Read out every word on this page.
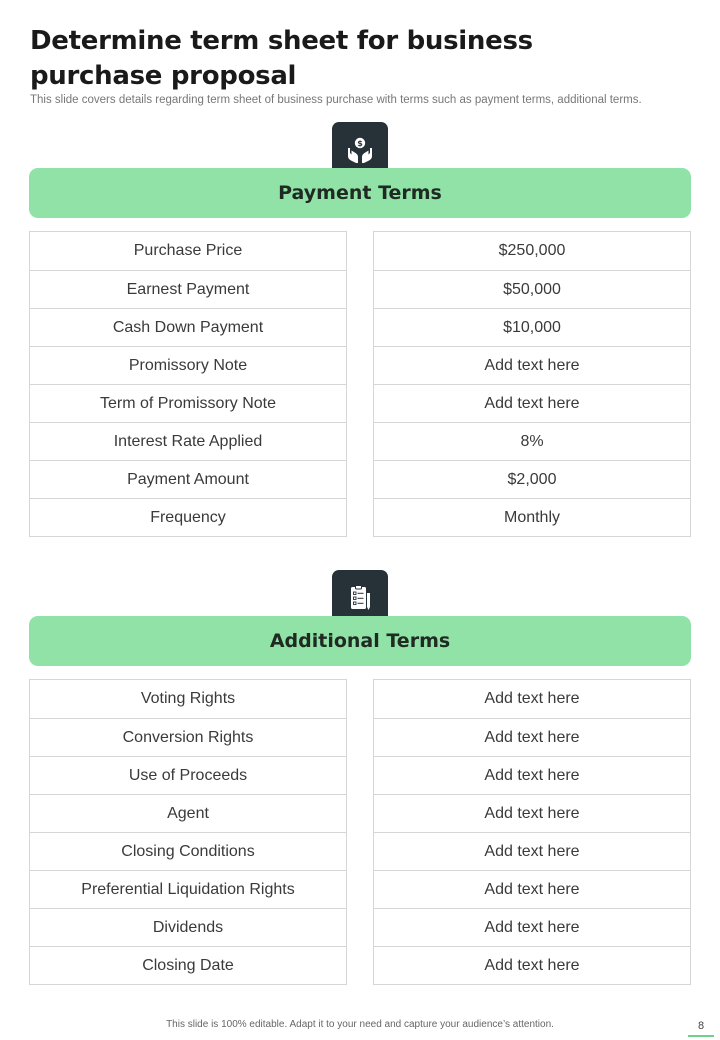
Determine term sheet for business purchase proposal

This slide covers details regarding term sheet of business purchase with terms such as payment terms, additional terms.

$
Payment Terms
Purchase Price
Earnest Payment
Cash Down Payment
Promissory Note
Term of Promissory Note
Interest Rate Applied
Payment Amount
Frequency
$250,000
$50,000
$10,000
Add text here
Add text here
8%
$2,000
Monthly
Additional Terms
Voting Rights
Conversion Rights
Use of Proceeds
Agent
Closing Conditions
Preferential Liquidation Rights
Dividends
Closing Date
Add text here
Add text here
Add text here
Add text here
Add text here
Add text here
Add text here
Add text here
This slide is 100% editable. Adapt it to your need and capture your audience’s attention.	8
